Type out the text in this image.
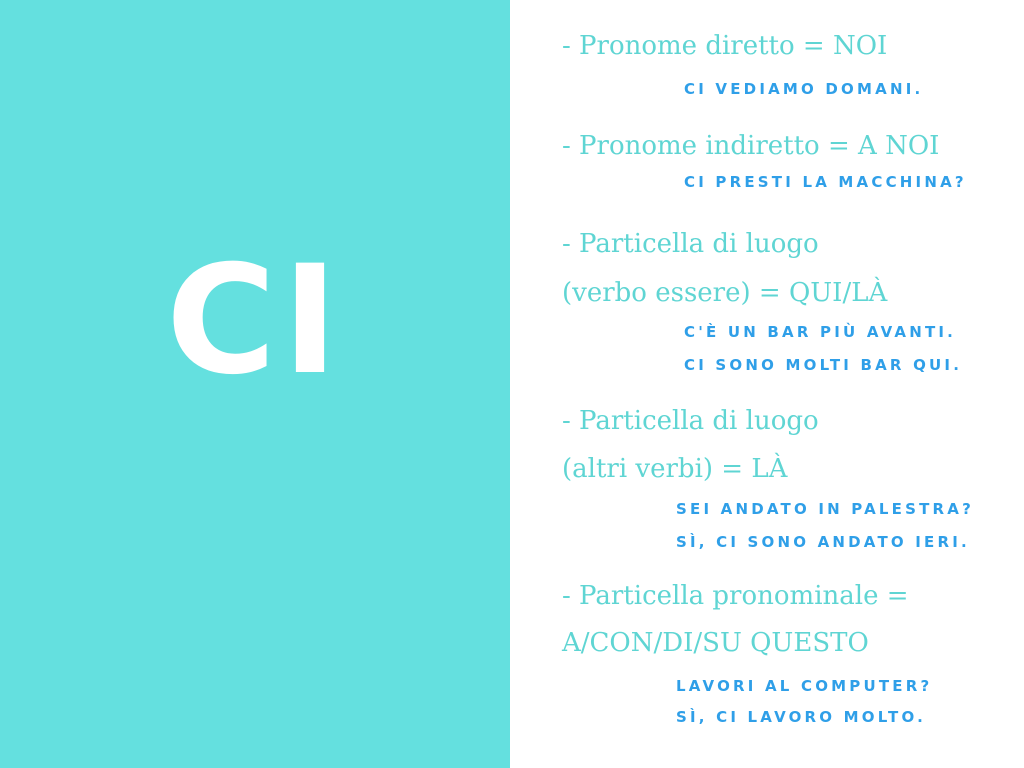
CI
- Pronome diretto = NOI
CI VEDIAMO DOMANI.
- Pronome indiretto = A NOI
CI PRESTI LA MACCHINA?
- Particella di luogo
(verbo essere) = QUI/LÀ
C'È UN BAR PIÙ AVANTI.
CI SONO MOLTI BAR QUI.
- Particella di luogo
(altri verbi) = LÀ
SEI ANDATO IN PALESTRA?
SÌ, CI SONO ANDATO IERI.
- Particella pronominale =
A/CON/DI/SU QUESTO
LAVORI AL COMPUTER?
SÌ, CI LAVORO MOLTO.
